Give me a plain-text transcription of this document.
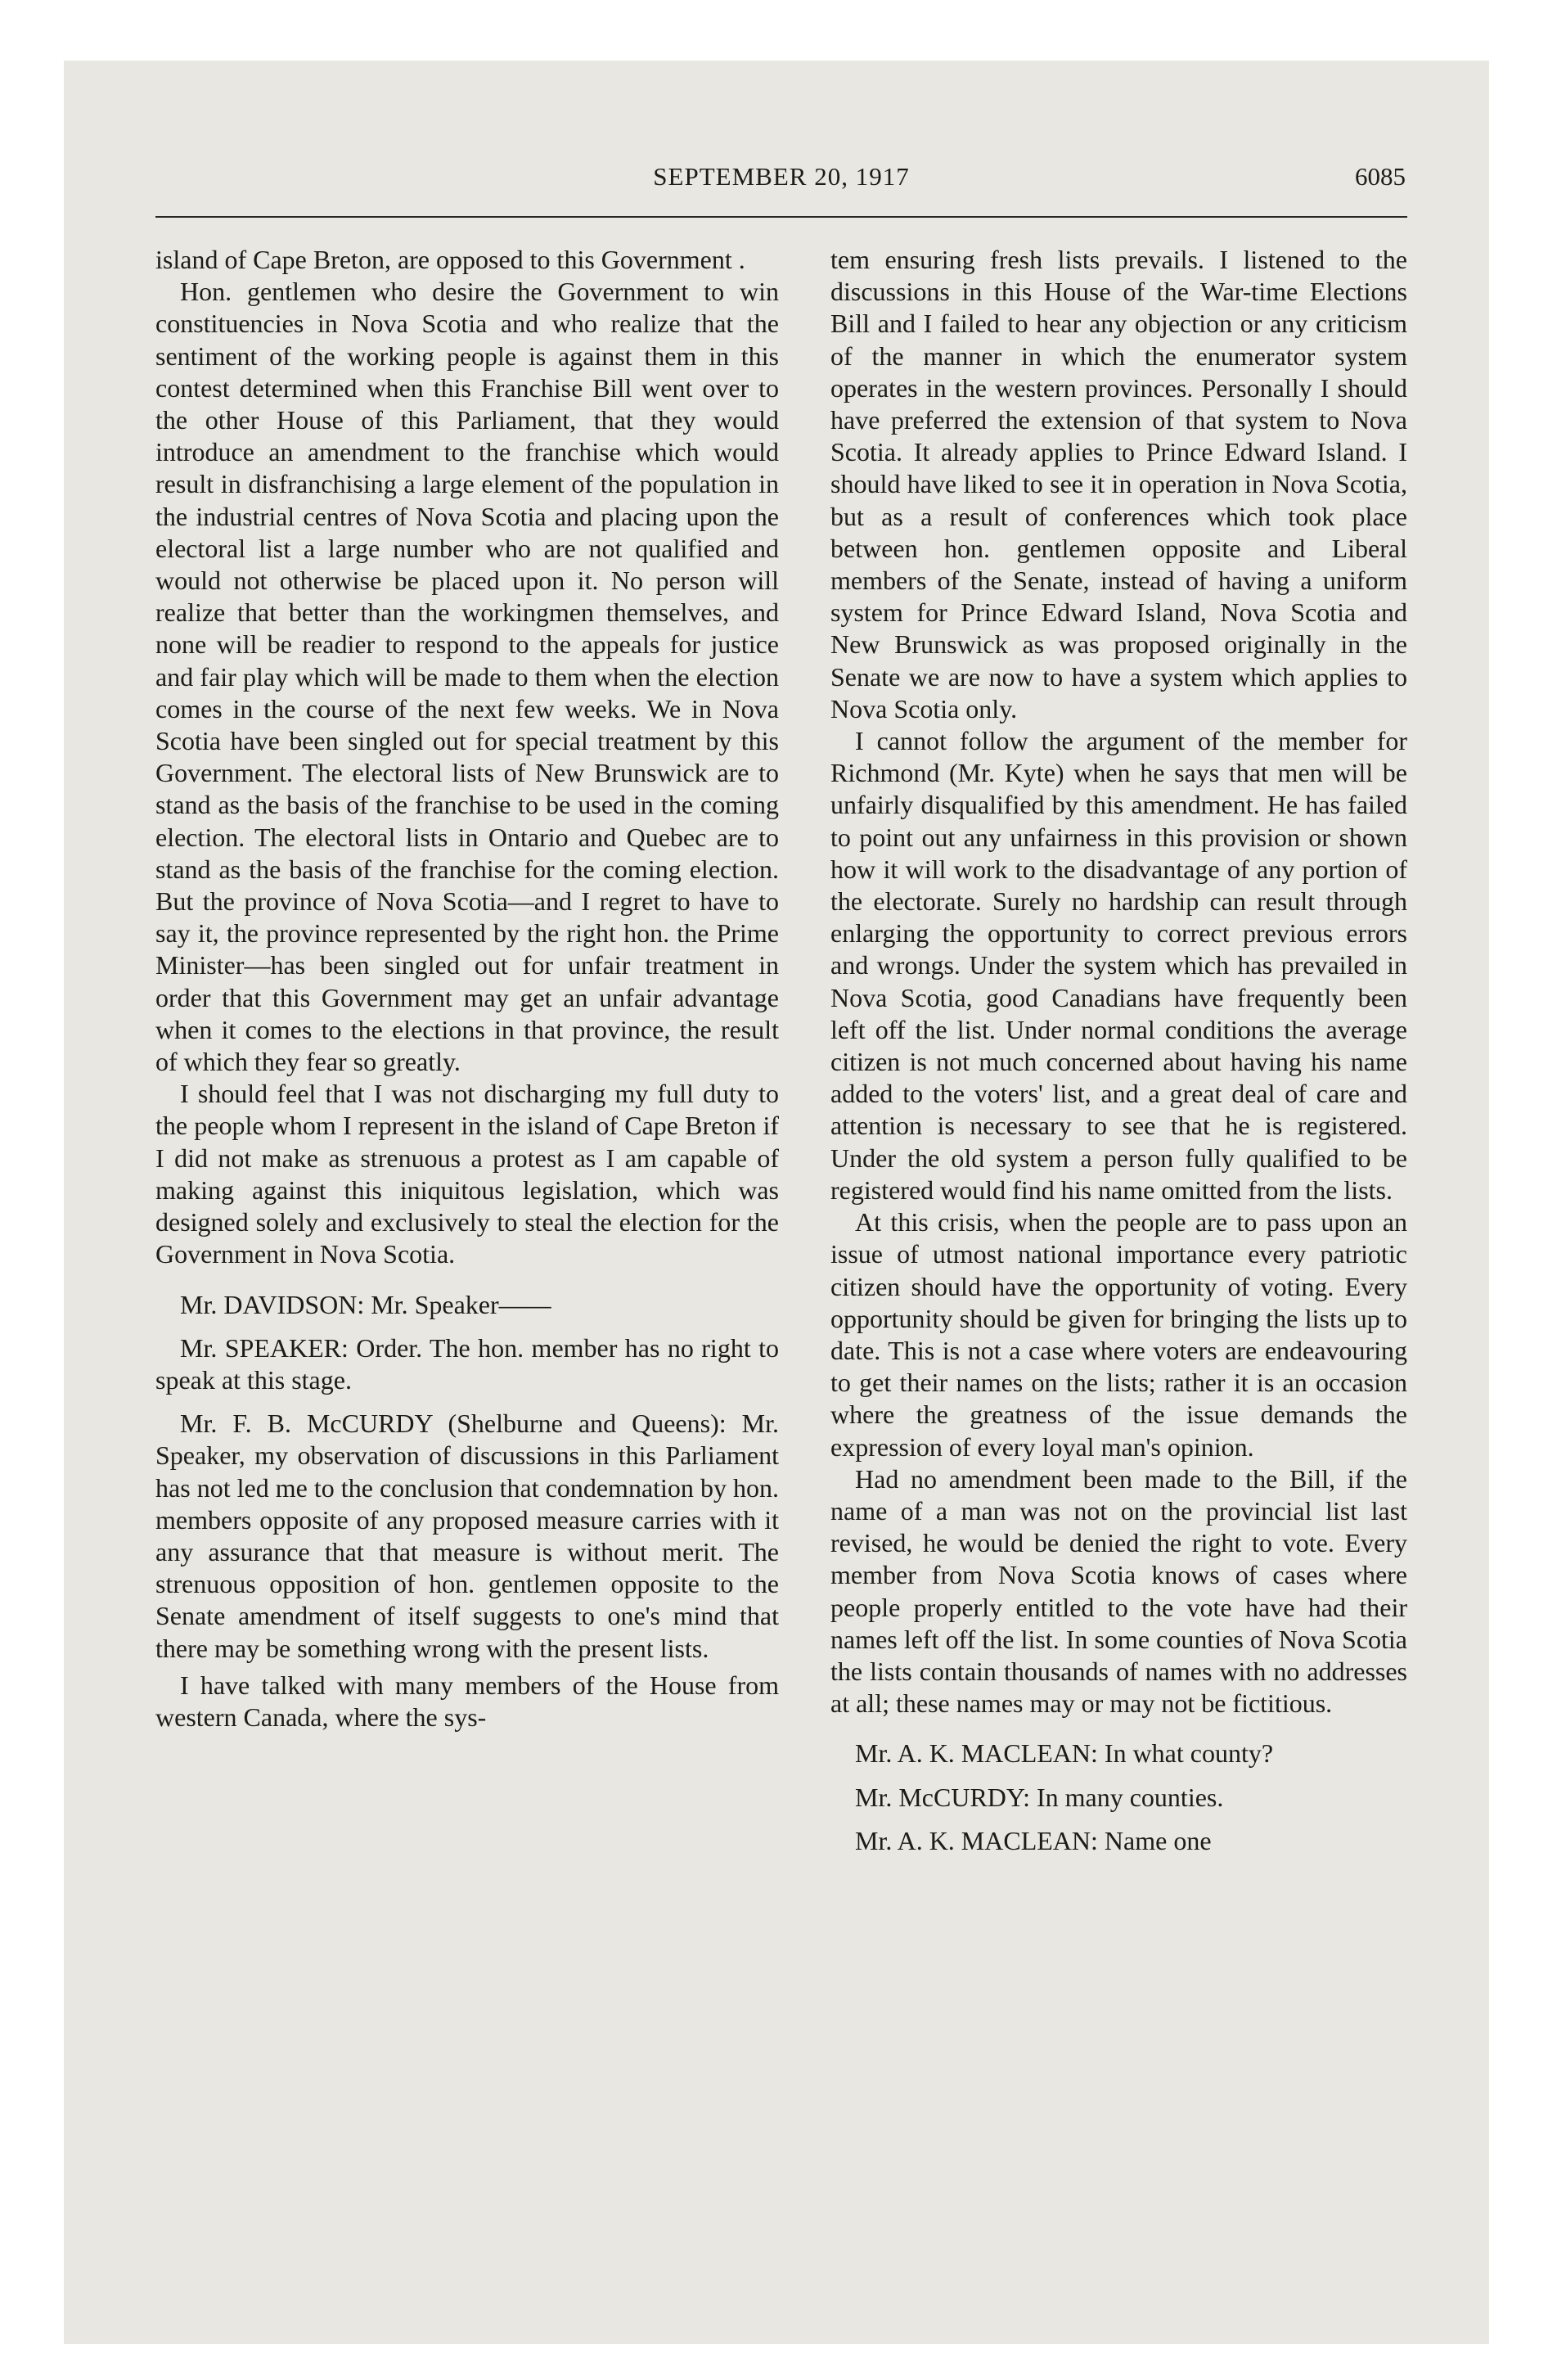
SEPTEMBER 20, 1917	6085

island of Cape Breton, are opposed to this Government .

Hon. gentlemen who desire the Government to win constituencies in Nova Scotia and who realize that the sentiment of the working people is against them in this contest determined when this Franchise Bill went over to the other House of this Parliament, that they would introduce an amendment to the franchise which would result in disfranchising a large element of the population in the industrial centres of Nova Scotia and placing upon the electoral list a large number who are not qualified and would not otherwise be placed upon it. No person will realize that better than the workingmen themselves, and none will be readier to respond to the appeals for justice and fair play which will be made to them when the election comes in the course of the next few weeks. We in Nova Scotia have been singled out for special treatment by this Government. The electoral lists of New Brunswick are to stand as the basis of the franchise to be used in the coming election. The electoral lists in Ontario and Quebec are to stand as the basis of the franchise for the coming election. But the province of Nova Scotia—and I regret to have to say it, the province represented by the right hon. the Prime Minister—has been singled out for unfair treatment in order that this Government may get an unfair advantage when it comes to the elections in that province, the result of which they fear so greatly.

I should feel that I was not discharging my full duty to the people whom I represent in the island of Cape Breton if I did not make as strenuous a protest as I am capable of making against this iniquitous legislation, which was designed solely and exclusively to steal the election for the Government in Nova Scotia.

Mr. DAVIDSON: Mr. Speaker——

Mr. SPEAKER: Order. The hon. member has no right to speak at this stage.

Mr. F. B. McCURDY (Shelburne and Queens): Mr. Speaker, my observation of discussions in this Parliament has not led me to the conclusion that condemnation by hon. members opposite of any proposed measure carries with it any assurance that that measure is without merit. The strenuous opposition of hon. gentlemen opposite to the Senate amendment of itself suggests to one's mind that there may be something wrong with the present lists.

I have talked with many members of the House from western Canada, where the sys-

tem ensuring fresh lists prevails. I listened to the discussions in this House of the War-time Elections Bill and I failed to hear any objection or any criticism of the manner in which the enumerator system operates in the western provinces. Personally I should have preferred the extension of that system to Nova Scotia. It already applies to Prince Edward Island. I should have liked to see it in operation in Nova Scotia, but as a result of conferences which took place between hon. gentlemen opposite and Liberal members of the Senate, instead of having a uniform system for Prince Edward Island, Nova Scotia and New Brunswick as was proposed originally in the Senate we are now to have a system which applies to Nova Scotia only.

I cannot follow the argument of the member for Richmond (Mr. Kyte) when he says that men will be unfairly disqualified by this amendment. He has failed to point out any unfairness in this provision or shown how it will work to the disadvantage of any portion of the electorate. Surely no hardship can result through enlarging the opportunity to correct previous errors and wrongs. Under the system which has prevailed in Nova Scotia, good Canadians have frequently been left off the list. Under normal conditions the average citizen is not much concerned about having his name added to the voters' list, and a great deal of care and attention is necessary to see that he is registered. Under the old system a person fully qualified to be registered would find his name omitted from the lists.

At this crisis, when the people are to pass upon an issue of utmost national importance every patriotic citizen should have the opportunity of voting. Every opportunity should be given for bringing the lists up to date. This is not a case where voters are endeavouring to get their names on the lists; rather it is an occasion where the greatness of the issue demands the expression of every loyal man's opinion.

Had no amendment been made to the Bill, if the name of a man was not on the provincial list last revised, he would be denied the right to vote. Every member from Nova Scotia knows of cases where people properly entitled to the vote have had their names left off the list. In some counties of Nova Scotia the lists contain thousands of names with no addresses at all; these names may or may not be fictitious.

Mr. A. K. MACLEAN: In what county?

Mr. McCURDY: In many counties.

Mr. A. K. MACLEAN: Name one
